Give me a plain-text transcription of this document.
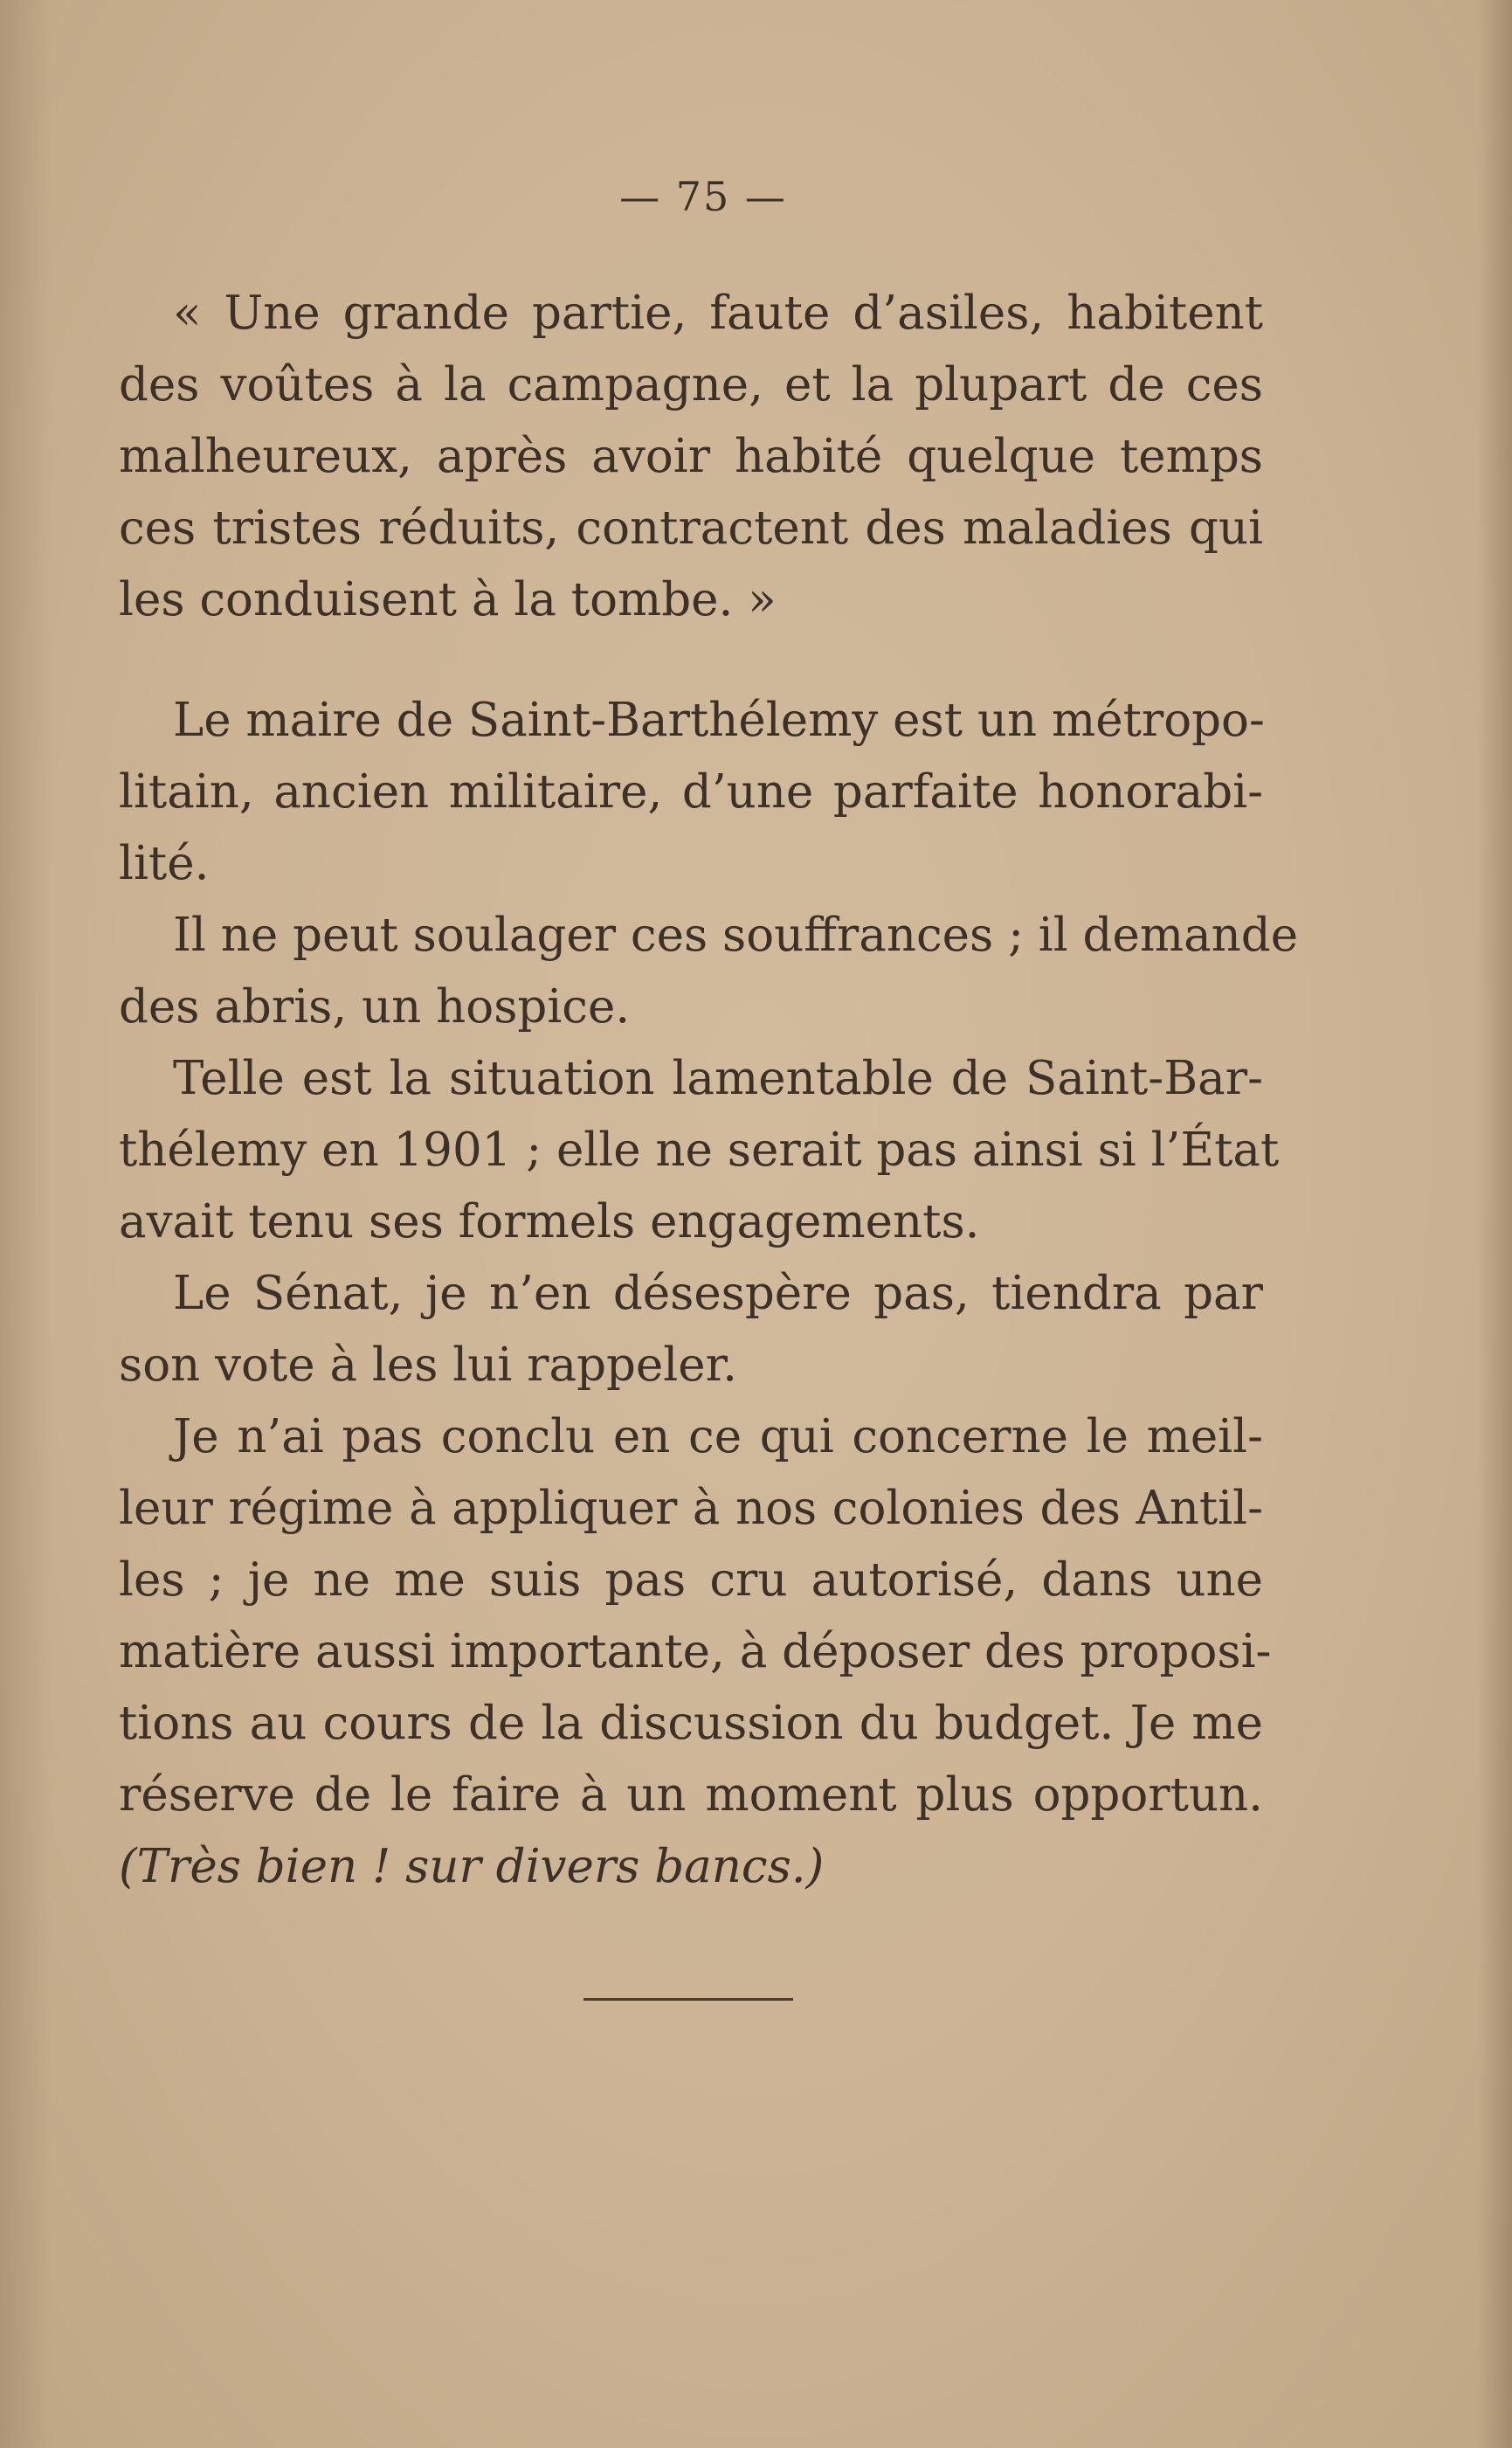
— 75 —
« Une grande partie, faute d’asiles, habitent
des voûtes à la campagne, et la plupart de ces
malheureux, après avoir habité quelque temps
ces tristes réduits, contractent des maladies qui
les conduisent à la tombe. »
Le maire de Saint-Barthélemy est un métropo-
litain, ancien militaire, d’une parfaite honorabi-
lité.
Il ne peut soulager ces souffrances ; il demande
des abris, un hospice.
Telle est la situation lamentable de Saint-Bar-
thélemy en 1901 ; elle ne serait pas ainsi si l’État
avait tenu ses formels engagements.
Le Sénat, je n’en désespère pas, tiendra par
son vote à les lui rappeler.
Je n’ai pas conclu en ce qui concerne le meil-
leur régime à appliquer à nos colonies des Antil-
les ; je ne me suis pas cru autorisé, dans une
matière aussi importante, à déposer des proposi-
tions au cours de la discussion du budget. Je me
réserve de le faire à un moment plus opportun.
(Très bien ! sur divers bancs.)
